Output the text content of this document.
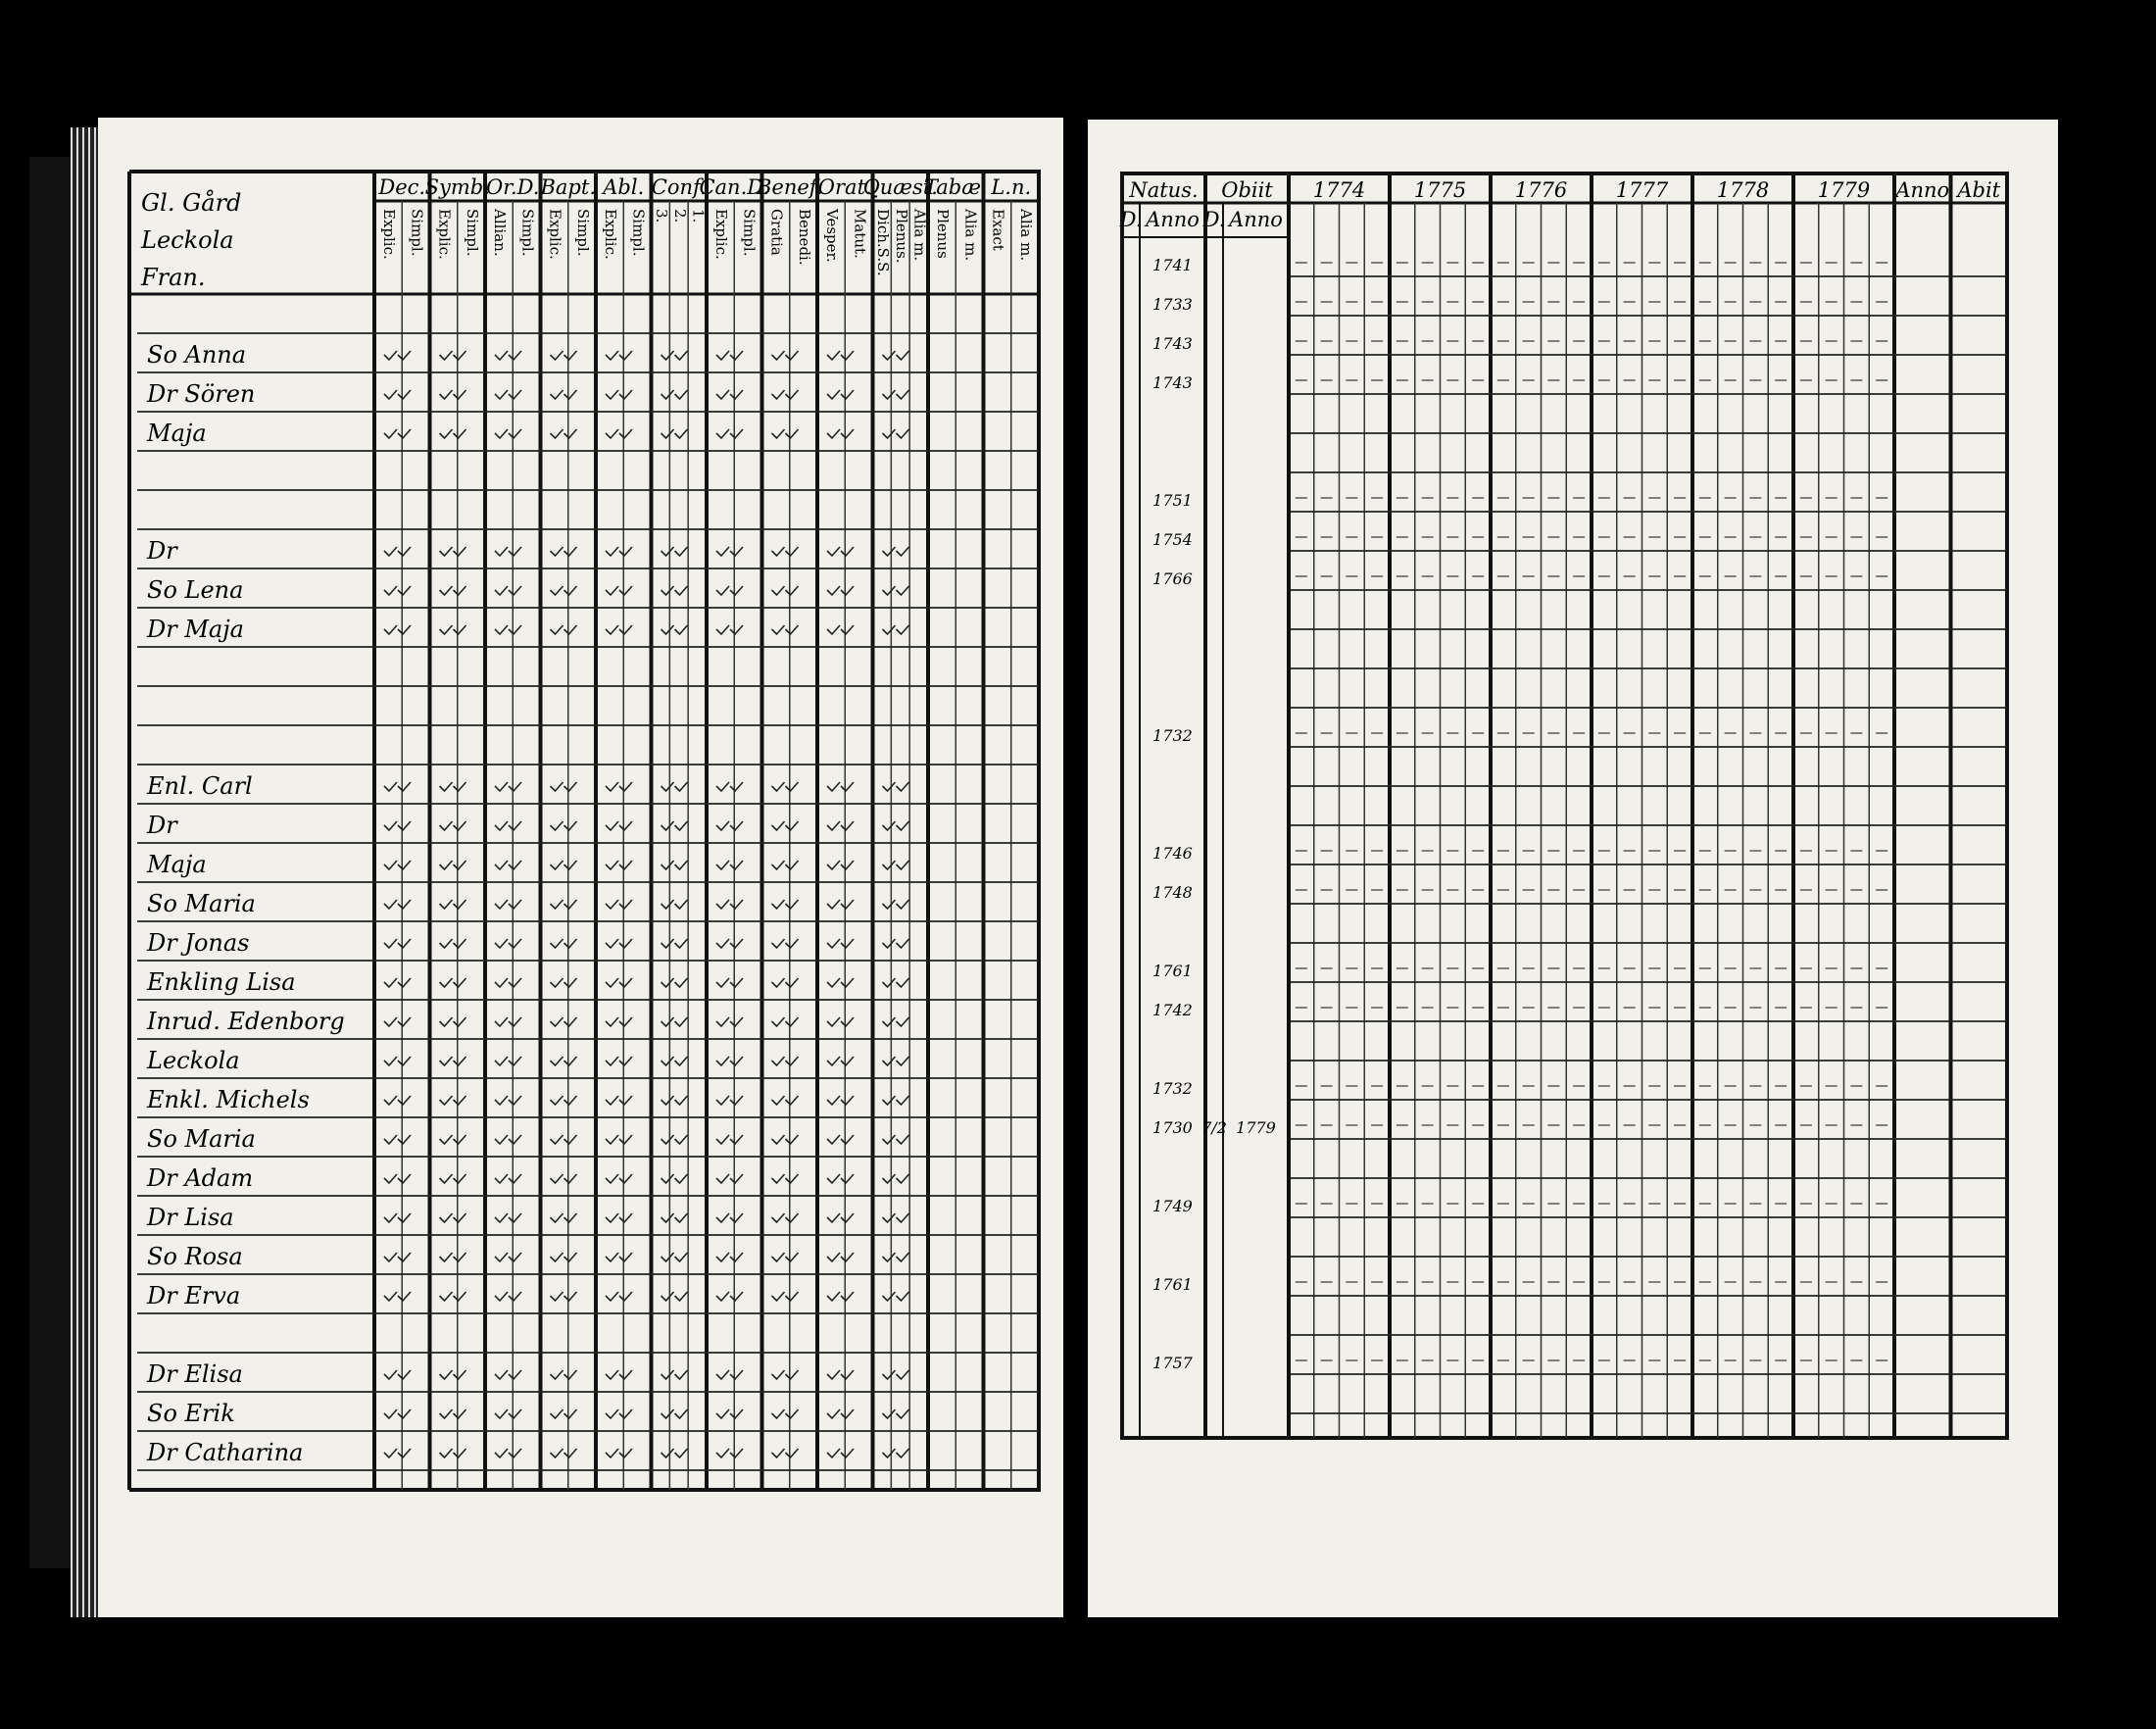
Gl. Gård
Leckola
Fran.
Dec.
Explic. Simpl.
Symb.
Explic. Simpl.
Or.D.
Allian. Simpl.
Bapt.
Explic. Simpl.
Abl.
Explic. Simpl.
Conf.
3. 2. 1.
Can.D.
Explic. Simpl.
Benef.
Gratia Benedi.
Orat.
Vesper. Matut.
Quæst.
Dich.S.S. Plenus. Alia m.
Tabæ.
Plenus Alia m.
L.n.
Exact Alia m.
So Anna
Dr Sören
Maja
Dr
So Lena
Dr Maja
Enl. Carl
Dr
Maja
So Maria
Dr Jonas
Enkling Lisa
Inrud. Edenborg
Leckola
Enkl. Michels
So Maria
Dr Adam
Dr Lisa
So Rosa
Dr Erva
Dr Elisa
So Erik
Dr Catharina
Natus. Obiit 1774 1775 1776 1777 1778 1779 Anno Abit
D. Anno D. Anno
1741
1733
1743
1743
1751
1754
1766
1732
1746
1748
1761
1742
1732
1730
1749
1761
1757
7/2 1779
